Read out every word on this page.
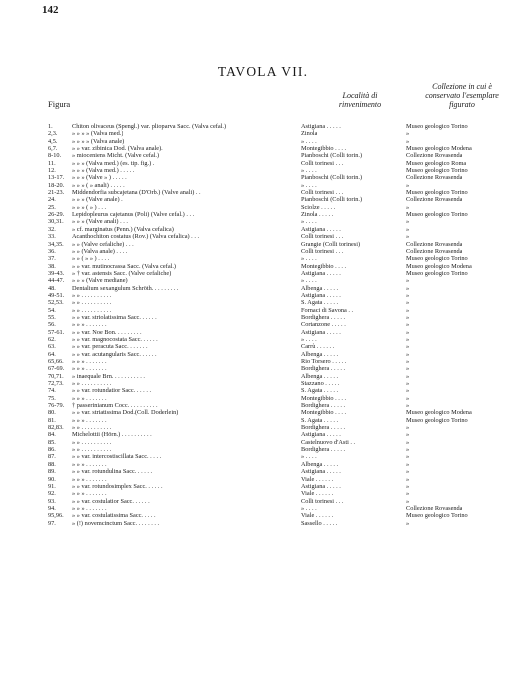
142
TAVOLA VII.
Figura
Località di rinvenimento
Collezione in cui è conservato l'esemplare figurato
1.	Chiton olivaceus (Spengl.) var. plioparva Sacc. (Valva cefal.)	Astigiana . . . . .	Museo geologico Torino
2,3. » » » » (Valva med.)	Zinola	»
4,5. » » » » (Valva anale)	» . . . .	»
6,7. » » var. zibinica Dod. (Valva anale).	Montegibbio . . . .	Museo geologico Modena
8-10. » mioceniens Micht. (Valve cefal.)	Pianboschi (Colli torin.)	Collezione Rovasenda
11.	» » » (Valva med.) (es. tip. fig.) .	Colli torinesi . . .	Museo geologico Roma
12.	» » » (Valva med.) . . . . .	» . . . .	Museo geologico Torino
13-17. » » » (Valve » ) . . . . .	Pianboschi (Colli torin.)	Collezione Rovasenda
18-20. » » » ( » anali) . . . . .	» . . . .	»
21-23. Middendorfia subcajetana (D'Orb.) (Valve anali) . .	Colli torinesi . . .	Museo geologico Torino
24.	» » » (Valve anale) .	Pianboschi (Colli torin.)	Collezione Rovasenda
25.	» » » ( » ) . . .	Sciolze . . . . .	»
26-29. Lepidopleurus cajetanus (Poli) (Valve cefal.) . . .	Zinola . . . . .	Museo geologico Torino
30,31. » » » (Valve anali) . . .	» . . . .	»
32.	» cf. marginatus (Penn.) (Valva cefalica)	Astigiana . . . . .	»
33.	Acanthochiton costatus (Rov.) (Valva cefalica) . . .	Colli torinesi . . .	»
34,35. » » (Valve cefaliche) . . .	Grangie (Colli torinesi)	Collezione Rovasenda
36.	» » (Valva anale) . . . .	Colli torinesi . . .	Collezione Rovasenda
37.	» » ( » » ) . . . .	» . . . .	Museo geologico Torino
38.	» » var. mutinocrassa Sacc. (Valva cefal.)	Montegibbio . . . .	Museo geologico Modena
39-43. » † var. astensis Sacc. (Valve cefaliche)	Astigiana . . . . .	Museo geologico Torino
44-47. » » » (Valve mediane)	» . . . .	»
48.	Dentalium sexangulum Schröth. . . . . . . . .	Albenga . . . . .	»
49-51. » » . . . . . . . . . .	Astigiana . . . . .	»
52,53. » » . . . . . . . . . .	S. Agata . . . . .	»
54.	» » . . . . . . . . . .	Fornaci di Savona . .	»
55.	» » var. striolatissima Sacc. . . . . .	Bordighera . . . . .	»
56.	» » » . . . . . . .	Cortanzone . . . . .	»
57-61. » » var. Noe Bon. . . . . . . . .	Astigiana . . . . .	»
62.	» » var. magnocostata Sacc. . . . . .	» . . . .	»
63.	» » var. peracuta Sacc. . . . . . .	Carrù . . . . . .	»
64.	» » var. acutangularis Sacc. . . . . .	Albenga . . . . .	»
65,66. » » » . . . . . . .	Rio Torsero . . . . .	»
67-69. » » » . . . . . . .	Bordighera . . . . .	»
70,71. » inaequale Brn. . . . . . . . . . .	Albenga . . . . .	»
72,73. » » . . . . . . . . . .	Stazzano . . . . .	»
74.	» » var. rotundatior Sacc. . . . . .	S. Agata . . . . .	»
75.	» » » . . . . . . .	Montegibbio . . . .	»
76-79. † passerinianum Cocc. . . . . . . . . .	Bordighera . . . . .	»
80.	» » var. striatissima Dod.(Coll. Doderlein)	Montegibbio . . . .	Museo geologico Modena
81.	» » » . . . . . . .	S. Agata . . . . .	Museo geologico Torino
82,83. » » . . . . . . . . . .	Bordighera . . . . .	»
84.	Michelottii (Hörn.) . . . . . . . . . .	Astigiana . . . . .	»
85.	» » . . . . . . . . . .	Castelnuovo d'Asti . .	»
86.	» » . . . . . . . . . .	Bordighera . . . . .	»
87.	» » var. intercostiscillata Sacc. . . . .	» . . . .	»
88.	» » » . . . . . . .	Albenga . . . . .	»
89.	» » var. rotundulina Sacc. . . . . .	Astigiana . . . . .	»
90.	» » » . . . . . . .	Viale . . . . . .	»
91.	» » var. rotundosimplex Sacc. . . . . .	Astigiana . . . . .	»
92.	» » » . . . . . . .	Viale . . . . . .	»
93.	» » var. costulatior Sacc. . . . . .	Colli torinesi . . .	»
94.	» » » . . . . . . .	» . . . .	Collezione Rovasenda
95,96. » » var. costulatissima Sacc. . . . .	Viale . . . . . .	Museo geologico Torino
97.	» (!) novemcinctum Sacc. . . . . . . .	Sassello . . . . .	»
